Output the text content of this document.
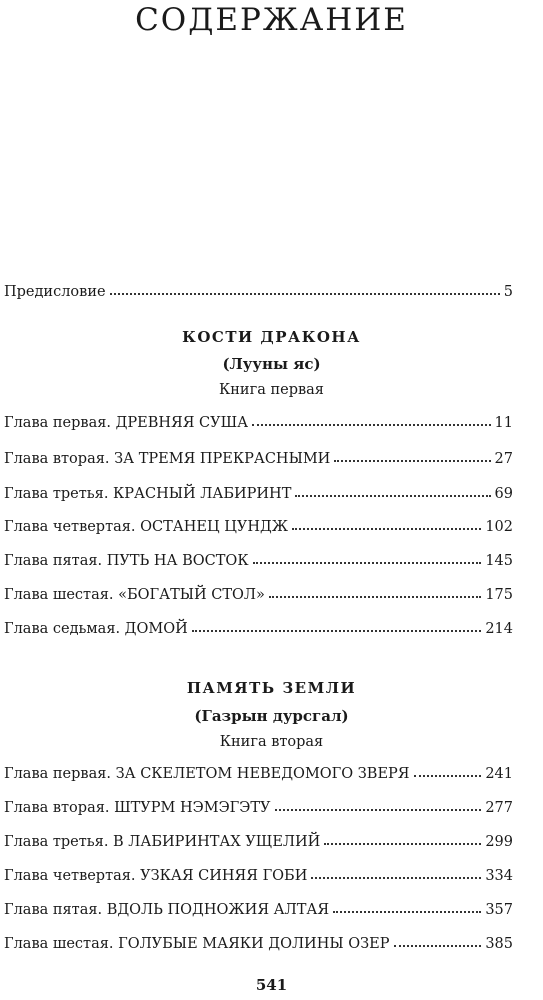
СОДЕРЖАНИЕ
Предисловие	5
КОСТИ ДРАКОНА
(Лууны яс)
Книга первая
Глава первая. ДРЕВНЯЯ СУША	11
Глава вторая. ЗА ТРЕМЯ ПРЕКРАСНЫМИ	27
Глава третья. КРАСНЫЙ ЛАБИРИНТ	69
Глава четвертая. ОСТАНЕЦ ЦУНДЖ	102
Глава пятая. ПУТЬ НА ВОСТОК	145
Глава шестая. «БОГАТЫЙ СТОЛ»	175
Глава седьмая. ДОМОЙ	214
ПАМЯТЬ ЗЕМЛИ
(Газрын дурсгал)
Книга вторая
Глава первая. ЗА СКЕЛЕТОМ НЕВЕДОМОГО ЗВЕРЯ	241
Глава вторая. ШТУРМ НЭМЭГЭТУ	277
Глава третья. В ЛАБИРИНТАХ УЩЕЛИЙ	299
Глава четвертая. УЗКАЯ СИНЯЯ ГОБИ	334
Глава пятая. ВДОЛЬ ПОДНОЖИЯ АЛТАЯ	357
Глава шестая. ГОЛУБЫЕ МАЯКИ ДОЛИНЫ ОЗЕР	385
541
